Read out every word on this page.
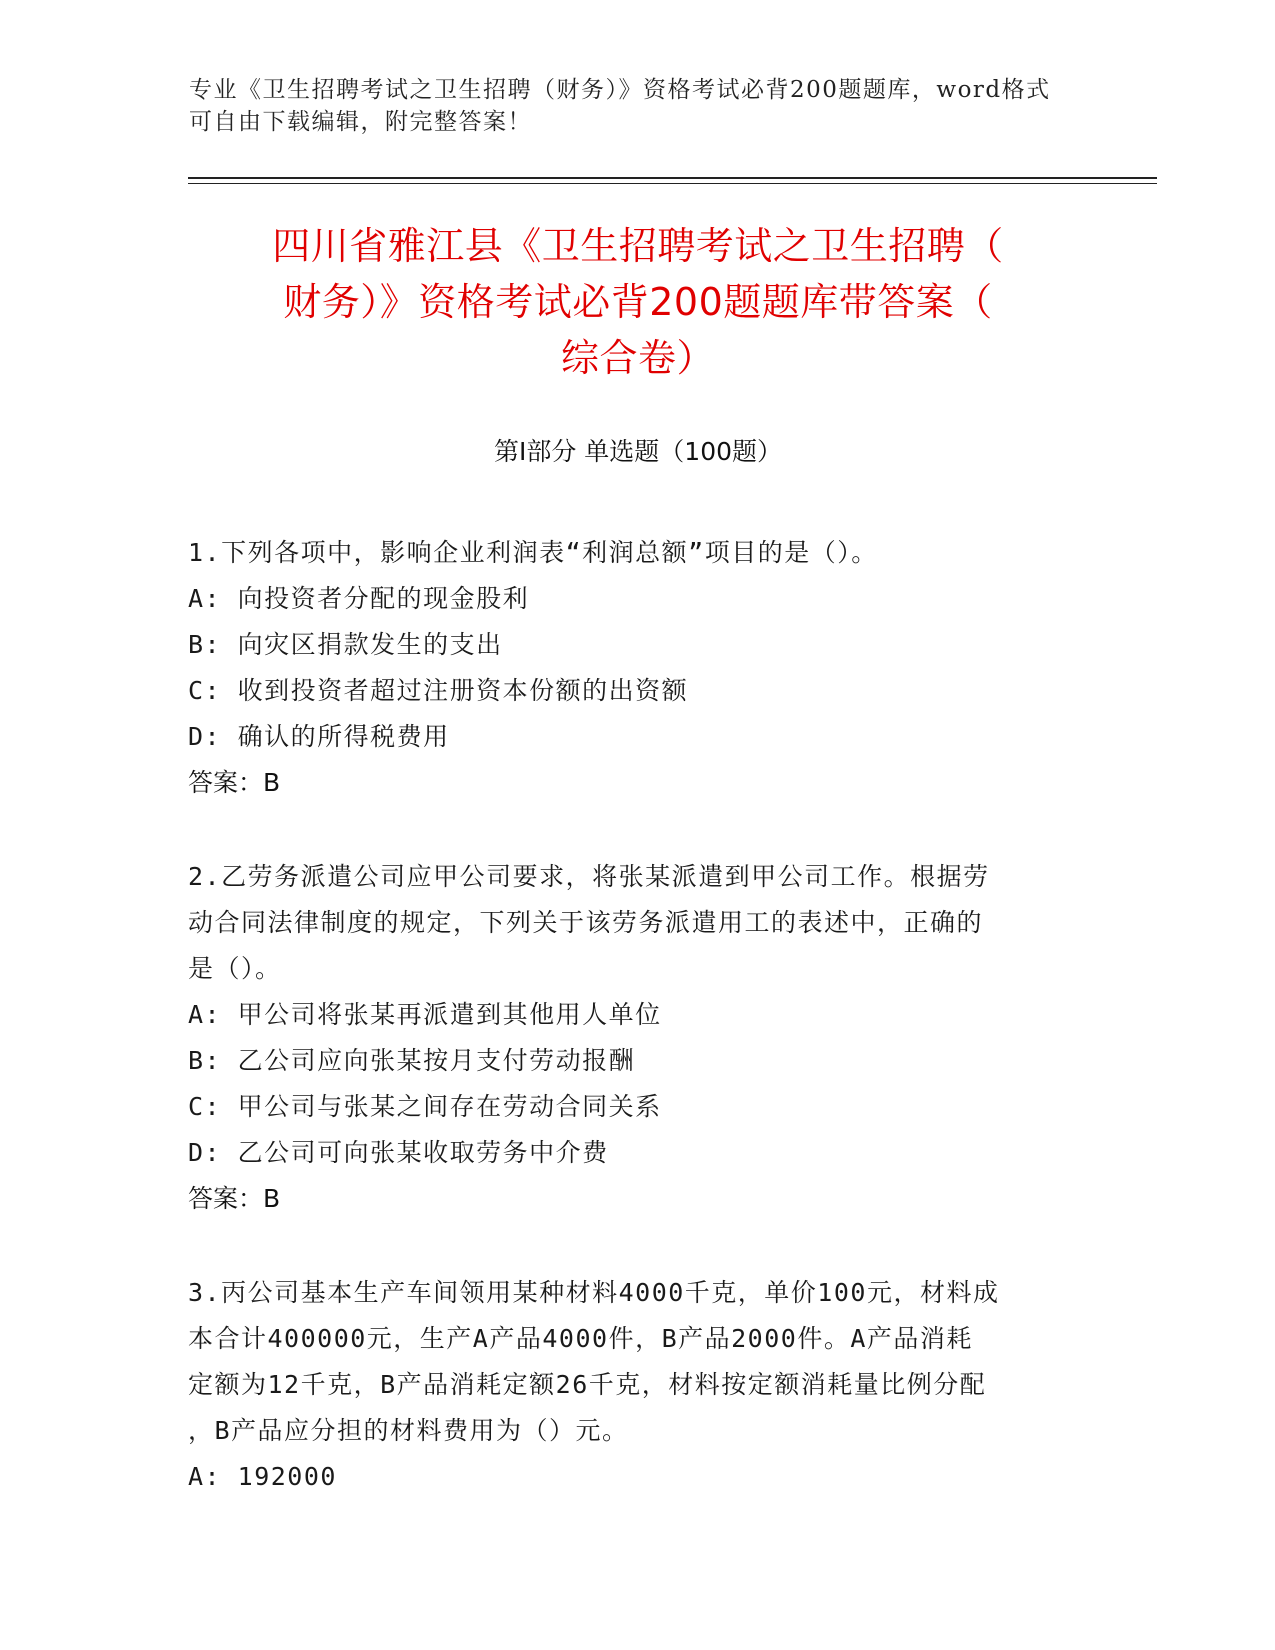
专业《卫生招聘考试之卫生招聘（财务）》资格考试必背200题题库，word格式
可自由下载编辑，附完整答案！
四川省雅江县《卫生招聘考试之卫生招聘（
财务）》资格考试必背200题题库带答案（
综合卷）
第Ⅰ部分 单选题（100题）
1.下列各项中，影响企业利润表“利润总额”项目的是（）。
A: 向投资者分配的现金股利
B: 向灾区捐款发生的支出
C: 收到投资者超过注册资本份额的出资额
D: 确认的所得税费用
答案：B
2.乙劳务派遣公司应甲公司要求，将张某派遣到甲公司工作。根据劳
动合同法律制度的规定，下列关于该劳务派遣用工的表述中，正确的
是（）。
A: 甲公司将张某再派遣到其他用人单位
B: 乙公司应向张某按月支付劳动报酬
C: 甲公司与张某之间存在劳动合同关系
D: 乙公司可向张某收取劳务中介费
答案：B
3.丙公司基本生产车间领用某种材料4000千克，单价100元，材料成
本合计400000元，生产A产品4000件，B产品2000件。A产品消耗
定额为12千克，B产品消耗定额26千克，材料按定额消耗量比例分配
，B产品应分担的材料费用为（）元。
A: 192000
